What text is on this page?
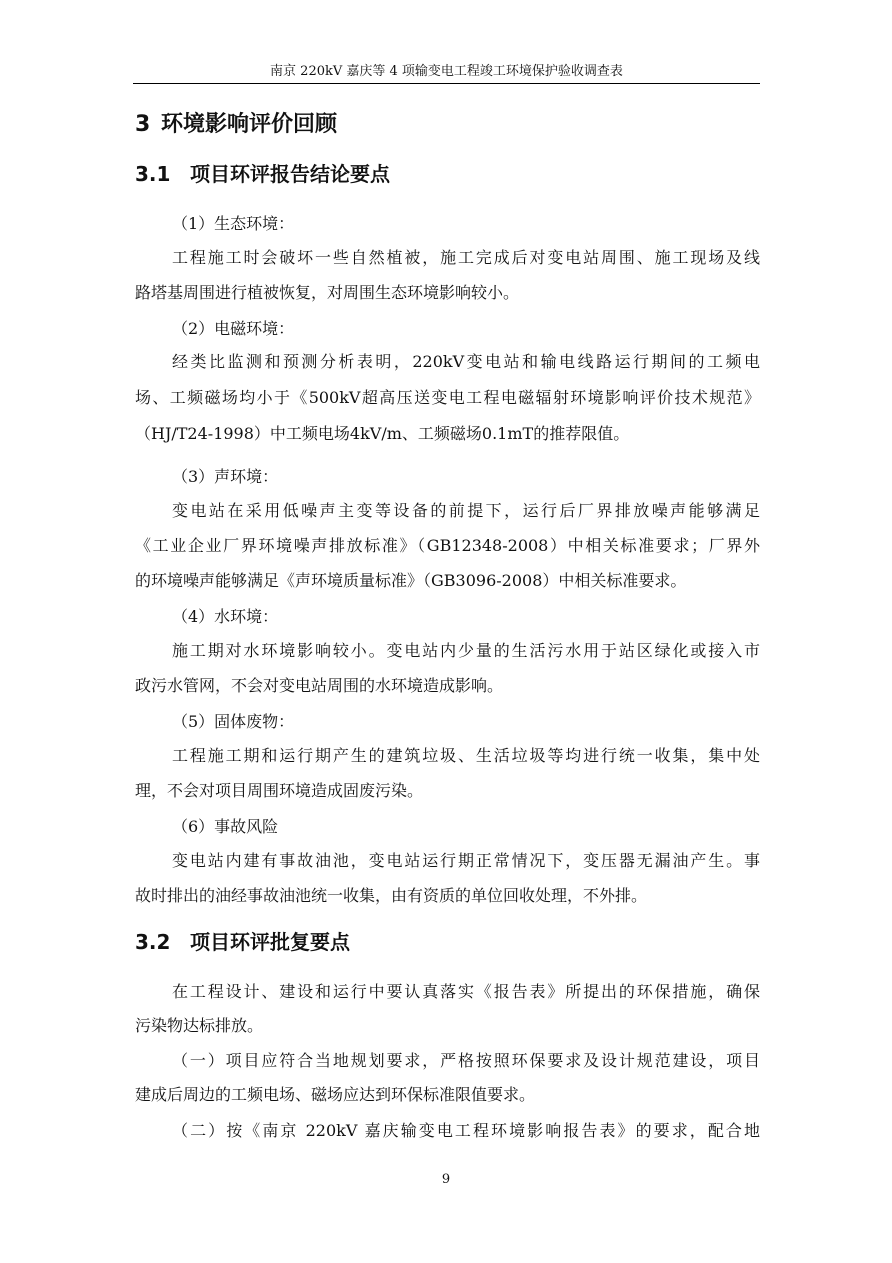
南京 220kV 嘉庆等 4 项输变电工程竣工环境保护验收调查表
3 环境影响评价回顾
3.1 项目环评报告结论要点
（1）生态环境：
工程施工时会破坏一些自然植被，施工完成后对变电站周围、施工现场及线
路塔基周围进行植被恢复，对周围生态环境影响较小。
（2）电磁环境：
经类比监测和预测分析表明，220kV变电站和输电线路运行期间的工频电
场、工频磁场均小于《500kV超高压送变电工程电磁辐射环境影响评价技术规范》
（HJ/T24-1998）中工频电场4kV/m、工频磁场0.1mT的推荐限值。
（3）声环境：
变电站在采用低噪声主变等设备的前提下，运行后厂界排放噪声能够满足
《工业企业厂界环境噪声排放标准》（GB12348-2008）中相关标准要求；厂界外
的环境噪声能够满足《声环境质量标准》（GB3096-2008）中相关标准要求。
（4）水环境：
施工期对水环境影响较小。变电站内少量的生活污水用于站区绿化或接入市
政污水管网，不会对变电站周围的水环境造成影响。
（5）固体废物：
工程施工期和运行期产生的建筑垃圾、生活垃圾等均进行统一收集，集中处
理，不会对项目周围环境造成固废污染。
（6）事故风险
变电站内建有事故油池，变电站运行期正常情况下，变压器无漏油产生。事
故时排出的油经事故油池统一收集，由有资质的单位回收处理，不外排。
3.2 项目环评批复要点
在工程设计、建设和运行中要认真落实《报告表》所提出的环保措施，确保
污染物达标排放。
（一）项目应符合当地规划要求，严格按照环保要求及设计规范建设，项目
建成后周边的工频电场、磁场应达到环保标准限值要求。
（二）按《南京 220kV 嘉庆输变电工程环境影响报告表》的要求，配合地
9
